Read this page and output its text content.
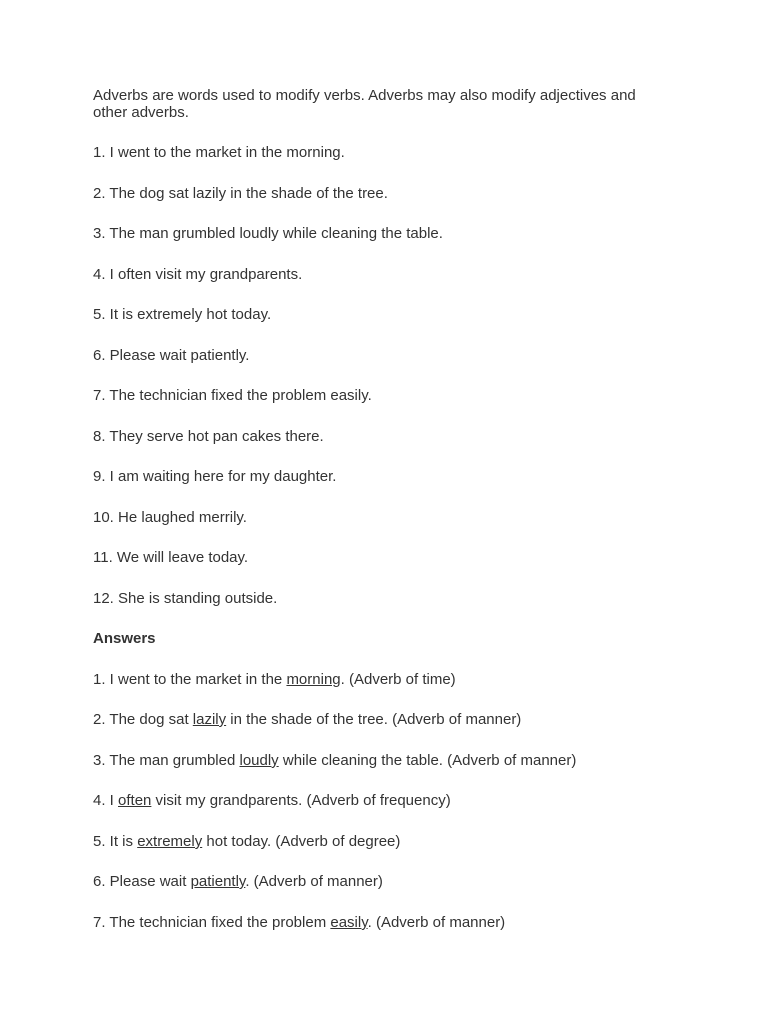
Adverbs are words used to modify verbs. Adverbs may also modify adjectives and other adverbs.

1. I went to the market in the morning.
2. The dog sat lazily in the shade of the tree.
3. The man grumbled loudly while cleaning the table.
4. I often visit my grandparents.
5. It is extremely hot today.
6. Please wait patiently.
7. The technician fixed the problem easily.
8. They serve hot pan cakes there.
9. I am waiting here for my daughter.
10. He laughed merrily.
11. We will leave today.
12. She is standing outside.
Answers
1. I went to the market in the morning. (Adverb of time)
2. The dog sat lazily in the shade of the tree. (Adverb of manner)
3. The man grumbled loudly while cleaning the table. (Adverb of manner)
4. I often visit my grandparents. (Adverb of frequency)
5. It is extremely hot today. (Adverb of degree)
6. Please wait patiently. (Adverb of manner)
7. The technician fixed the problem easily. (Adverb of manner)
